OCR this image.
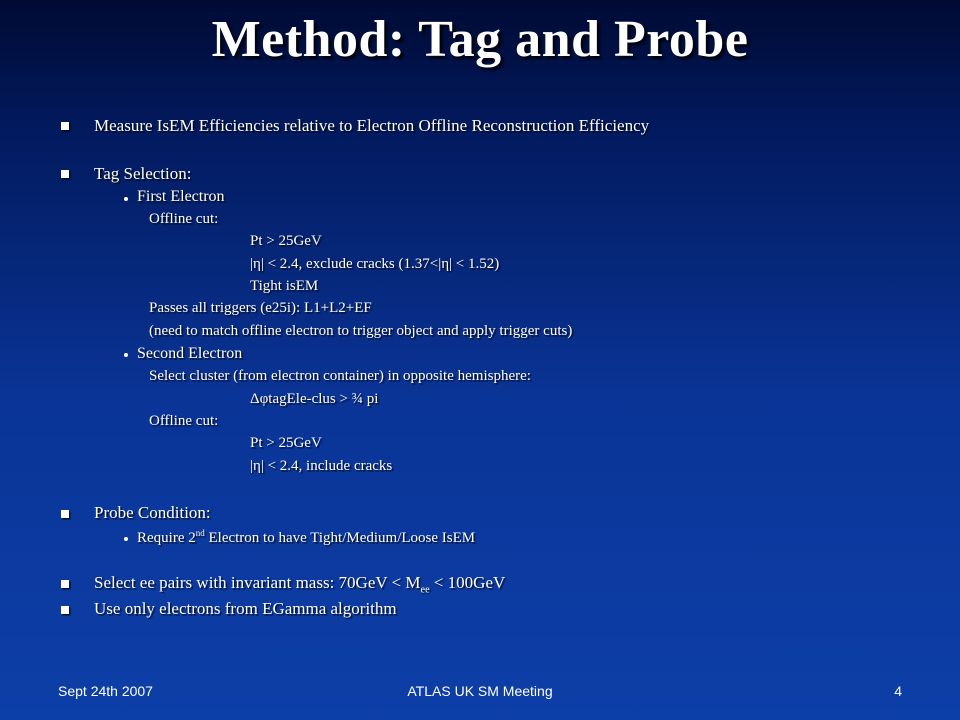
Method: Tag and Probe
Measure IsEM Efficiencies relative to Electron Offline Reconstruction Efficiency
Tag Selection:
First Electron
Offline cut:
Pt > 25GeV
|η| < 2.4, exclude cracks (1.37<|η| < 1.52)
Tight isEM
Passes all triggers (e25i): L1+L2+EF
(need to match offline electron to trigger object and apply trigger cuts)
Second Electron
Select cluster (from electron container) in opposite hemisphere:
ΔφtagEle-clus > ¾ pi
Offline cut:
Pt > 25GeV
|η| < 2.4, include cracks
Probe Condition:
Require 2nd Electron to have Tight/Medium/Loose IsEM
Select ee pairs with invariant mass: $70GeV < M_{ee} < 100GeV$
Use only electrons from EGamma algorithm
Sept 24th 2007	ATLAS UK SM Meeting	4
